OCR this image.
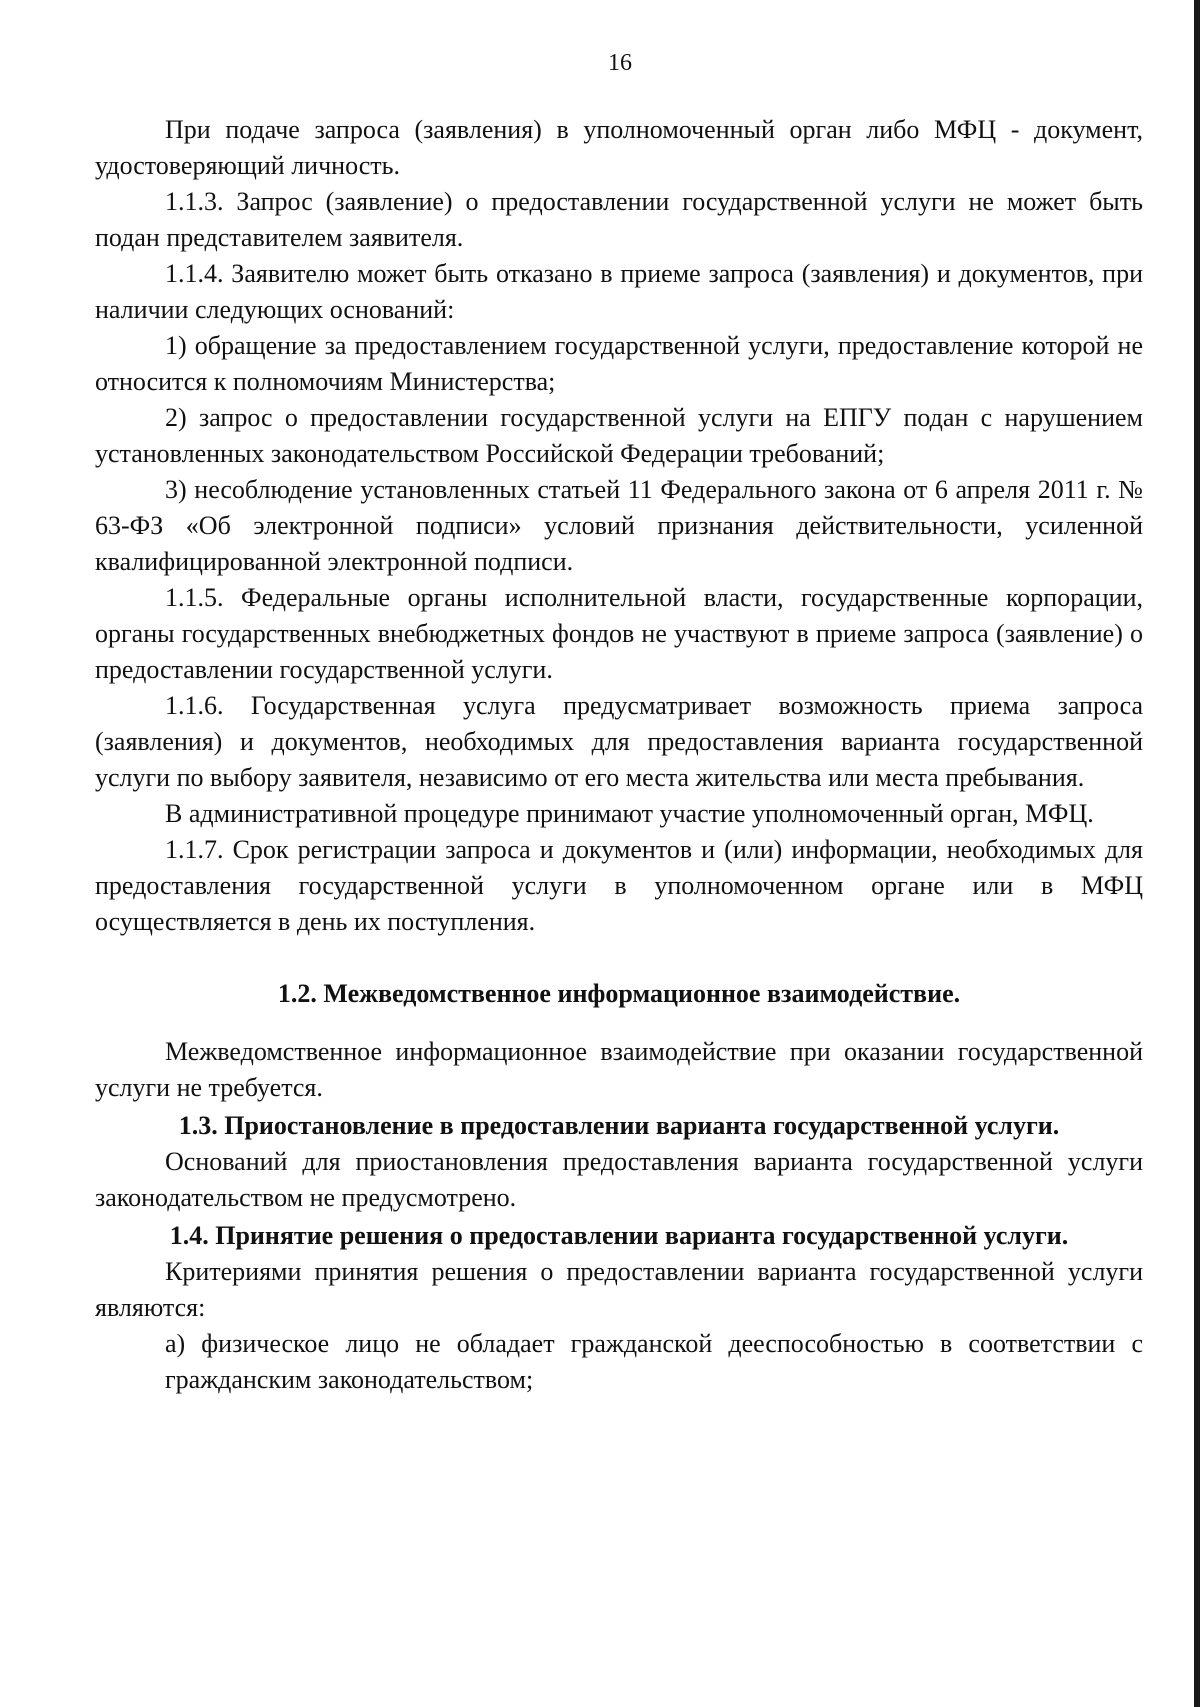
16

При подаче запроса (заявления) в уполномоченный орган либо МФЦ - документ, удостоверяющий личность.

1.1.3. Запрос (заявление) о предоставлении государственной услуги не может быть подан представителем заявителя.

1.1.4. Заявителю может быть отказано в приеме запроса (заявления) и документов, при наличии следующих оснований:

1) обращение за предоставлением государственной услуги, предоставление которой не относится к полномочиям Министерства;

2) запрос о предоставлении государственной услуги на ЕПГУ подан с нарушением установленных законодательством Российской Федерации требований;

3) несоблюдение установленных статьей 11 Федерального закона от 6 апреля 2011 г. № 63-ФЗ «Об электронной подписи» условий признания действительности, усиленной квалифицированной электронной подписи.

1.1.5. Федеральные органы исполнительной власти, государственные корпорации, органы государственных внебюджетных фондов не участвуют в приеме запроса (заявление) о предоставлении государственной услуги.

1.1.6. Государственная услуга предусматривает возможность приема запроса (заявления) и документов, необходимых для предоставления варианта государственной услуги по выбору заявителя, независимо от его места жительства или места пребывания.

В административной процедуре принимают участие уполномоченный орган, МФЦ.

1.1.7. Срок регистрации запроса и документов и (или) информации, необходимых для предоставления государственной услуги в уполномоченном органе или в МФЦ осуществляется в день их поступления.

1.2. Межведомственное информационное взаимодействие.

Межведомственное информационное взаимодействие при оказании государственной услуги не требуется.

1.3. Приостановление в предоставлении варианта государственной услуги.

Оснований для приостановления предоставления варианта государственной услуги законодательством не предусмотрено.

1.4. Принятие решения о предоставлении варианта государственной услуги.

Критериями принятия решения о предоставлении варианта государственной услуги являются:

а) физическое лицо не обладает гражданской дееспособностью в соответствии с гражданским законодательством;
